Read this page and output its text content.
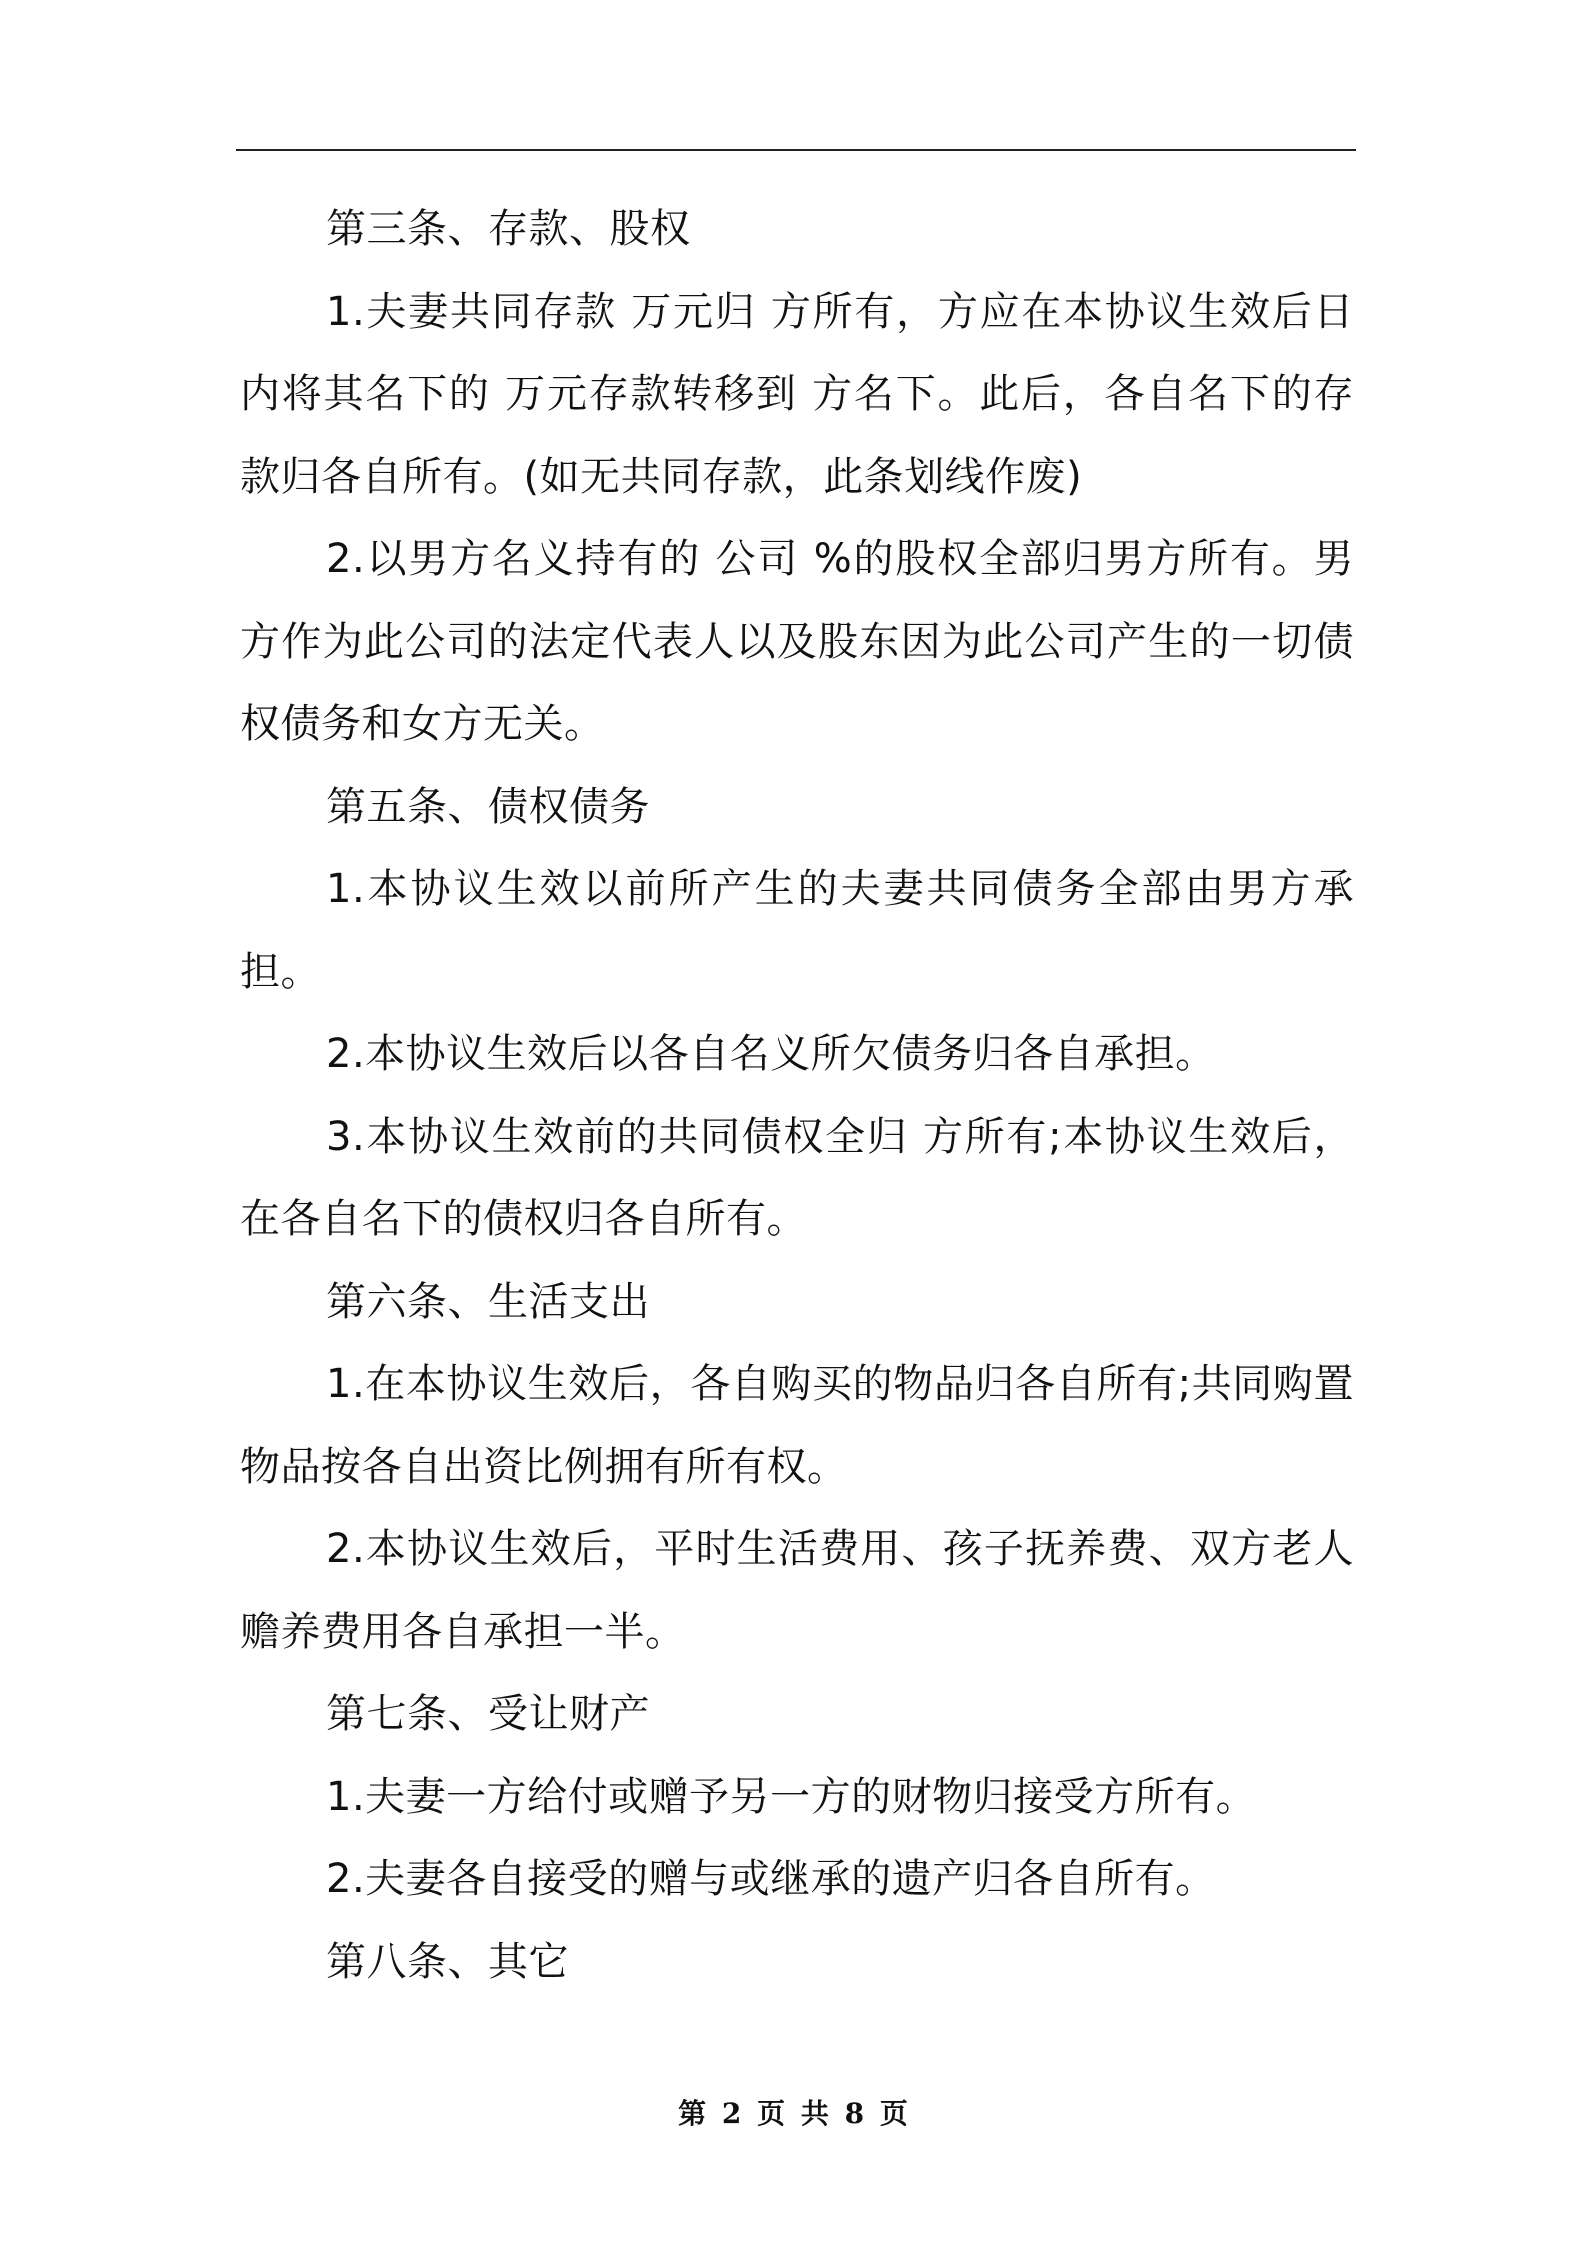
第三条、存款、股权

1.夫妻共同存款 万元归 方所有，方应在本协议生效后日内将其名下的 万元存款转移到 方名下。此后，各自名下的存款归各自所有。(如无共同存款，此条划线作废)

2.以男方名义持有的 公司 %的股权全部归男方所有。男方作为此公司的法定代表人以及股东因为此公司产生的一切债权债务和女方无关。

第五条、债权债务

1.本协议生效以前所产生的夫妻共同债务全部由男方承担。

2.本协议生效后以各自名义所欠债务归各自承担。

3.本协议生效前的共同债权全归 方所有;本协议生效后，在各自名下的债权归各自所有。

第六条、生活支出

1.在本协议生效后，各自购买的物品归各自所有;共同购置物品按各自出资比例拥有所有权。

2.本协议生效后，平时生活费用、孩子抚养费、双方老人赡养费用各自承担一半。

第七条、受让财产

1.夫妻一方给付或赠予另一方的财物归接受方所有。

2.夫妻各自接受的赠与或继承的遗产归各自所有。

第八条、其它

第 2 页 共 8 页
